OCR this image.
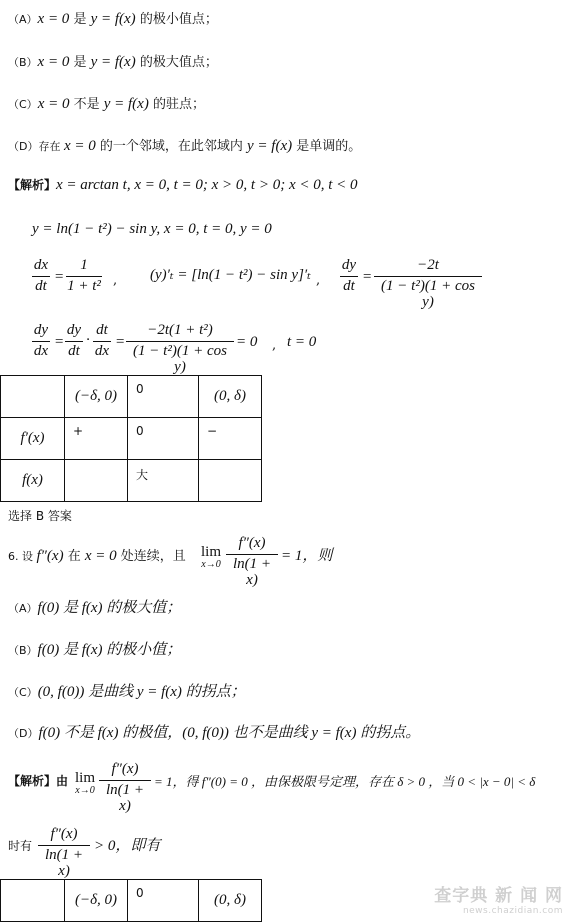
（A）x = 0 是 y = f(x) 的极小值点；
（B）x = 0 是 y = f(x) 的极大值点；
（C）x = 0 不是 y = f(x) 的驻点；
（D）存在 x = 0 的一个邻域，在此邻域内 y = f(x) 是单调的。
【解析】x = arctan t, x = 0, t = 0; x > 0, t > 0; x < 0, t < 0
y = ln(1 − t²) − sin y, x = 0, t = 0, y = 0
dx
dt
=
1
1 + t² , (y)′ₜ = [ln(1 − t²) − sin y]′ₜ ,
dy
dt
=
−2t
(1 − t²)(1 + cos y)
dy
dx
=
dy
dt
·
dt
dx
=
−2t(1 + t²)
(1 − t²)(1 + cos y)
= 0 , t = 0
	(−δ, 0)	0	(0, δ)
f′(x)	+	0	−
f(x)		大	
选择 B 答案
6. 设 f″(x) 在 x = 0 处连续，且 lim
x→0
f″(x)
ln(1 + x)
= 1，则
（A）f(0) 是 f(x) 的极大值；
（B）f(0) 是 f(x) 的极小值；
（C）(0, f(0)) 是曲线 y = f(x) 的拐点；
（D）f(0) 不是 f(x) 的极值，(0, f(0)) 也不是曲线 y = f(x) 的拐点。
【解析】由 lim
x→0
f″(x)
ln(1 + x)
= 1，得 f″(0) = 0 ，由保极限号定理，存在 δ > 0 ，当 0 < |x − 0| < δ
时有
f″(x)
ln(1 + x)
> 0，即有
	(−δ, 0)	0	(0, δ)	查字典 新 闻 网
news.chazidian.com
